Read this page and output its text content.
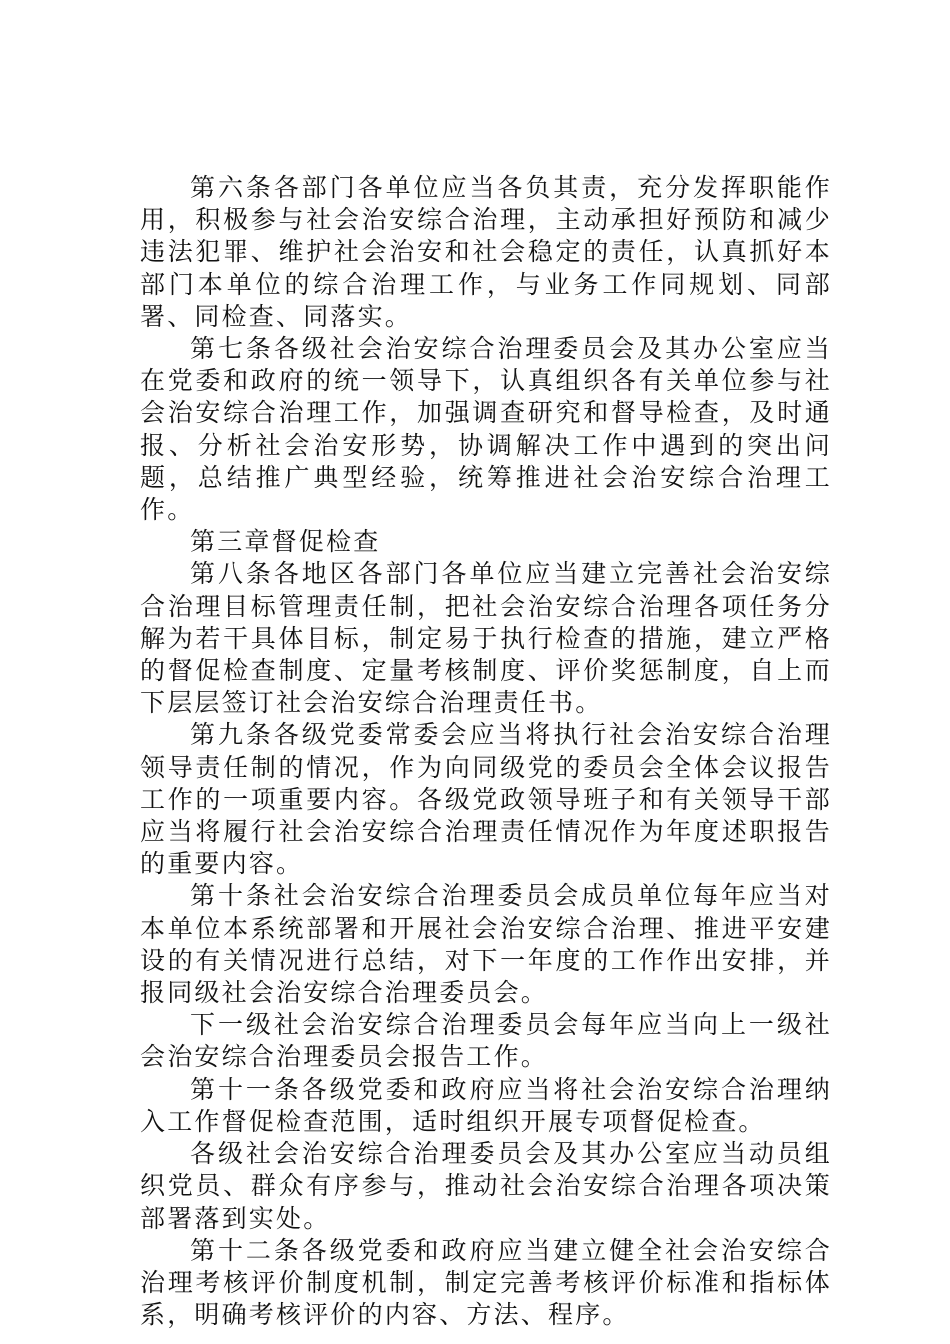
第六条各部门各单位应当各负其责，充分发挥职能作用，积极参与社会治安综合治理，主动承担好预防和减少违法犯罪、维护社会治安和社会稳定的责任，认真抓好本部门本单位的综合治理工作，与业务工作同规划、同部署、同检查、同落实。

第七条各级社会治安综合治理委员会及其办公室应当在党委和政府的统一领导下，认真组织各有关单位参与社会治安综合治理工作，加强调查研究和督导检查，及时通报、分析社会治安形势，协调解决工作中遇到的突出问题，总结推广典型经验，统筹推进社会治安综合治理工作。

第三章督促检查

第八条各地区各部门各单位应当建立完善社会治安综合治理目标管理责任制，把社会治安综合治理各项任务分解为若干具体目标，制定易于执行检查的措施，建立严格的督促检查制度、定量考核制度、评价奖惩制度，自上而下层层签订社会治安综合治理责任书。

第九条各级党委常委会应当将执行社会治安综合治理领导责任制的情况，作为向同级党的委员会全体会议报告工作的一项重要内容。各级党政领导班子和有关领导干部应当将履行社会治安综合治理责任情况作为年度述职报告的重要内容。

第十条社会治安综合治理委员会成员单位每年应当对本单位本系统部署和开展社会治安综合治理、推进平安建设的有关情况进行总结，对下一年度的工作作出安排，并报同级社会治安综合治理委员会。

下一级社会治安综合治理委员会每年应当向上一级社会治安综合治理委员会报告工作。

第十一条各级党委和政府应当将社会治安综合治理纳入工作督促检查范围，适时组织开展专项督促检查。

各级社会治安综合治理委员会及其办公室应当动员组织党员、群众有序参与，推动社会治安综合治理各项决策部署落到实处。

第十二条各级党委和政府应当建立健全社会治安综合治理考核评价制度机制，制定完善考核评价标准和指标体系，明确考核评价的内容、方法、程序。
